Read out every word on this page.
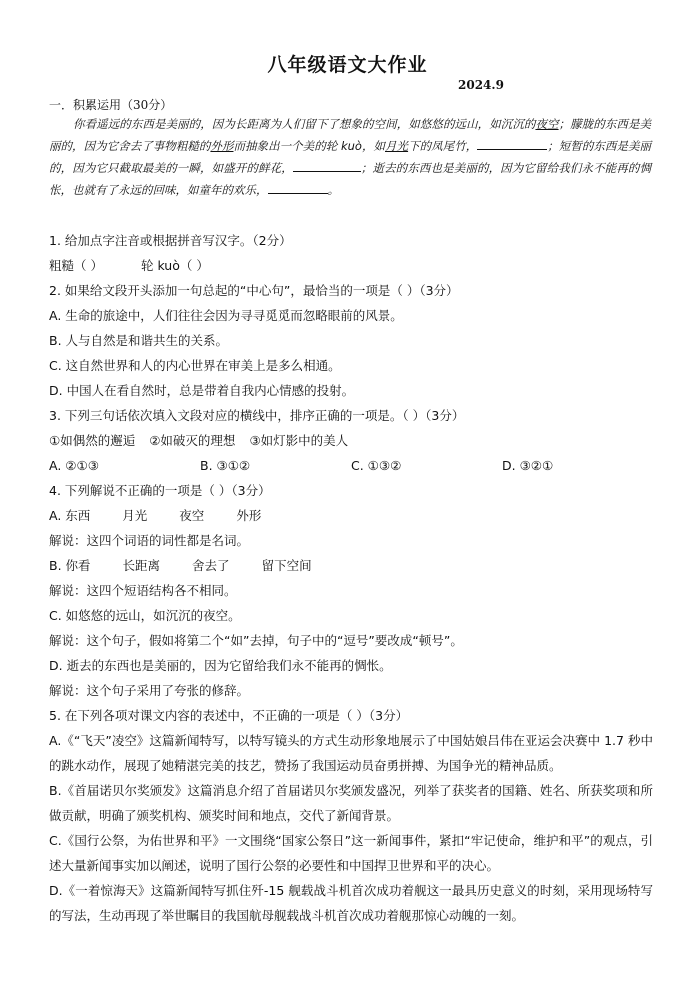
八年级语文大作业
2024.9
一．积累运用（30分）
你看遥远的东西是美丽的，因为长距离为人们留下了想象的空间，如悠悠的远山，如沉沉的夜空；朦胧的东西是美丽的，因为它舍去了事物粗糙的外形而抽象出一个美的轮 kuò，如月光下的凤尾竹，	；短暂的东西是美丽的，因为它只截取最美的一瞬，如盛开的鲜花，	；逝去的东西也是美丽的，因为它留给我们永不能再的惆怅，也就有了永远的回味，如童年的欢乐，	。

1. 给加点字注音或根据拼音写汉字。（2分）

粗糙（ ）	轮 kuò（ ）

2. 如果给文段开头添加一句总起的“中心句”，最恰当的一项是（ ）（3分）

A. 生命的旅途中，人们往往会因为寻寻觅觅而忽略眼前的风景。

B. 人与自然是和谐共生的关系。

C. 这自然世界和人的内心世界在审美上是多么相通。

D. 中国人在看自然时，总是带着自我内心情感的投射。

3. 下列三句话依次填入文段对应的横线中，排序正确的一项是。（ ）（3分）

①如偶然的邂逅 ②如破灭的理想 ③如灯影中的美人
A. ②①③	B. ③①②	C. ①③②	D. ③②①

4. 下列解说不正确的一项是（ ）（3分）

A. 东西	月光	夜空	外形

解说：这四个词语的词性都是名词。

B. 你看	长距离	舍去了	留下空间

解说：这四个短语结构各不相同。

C. 如悠悠的远山，如沉沉的夜空。

解说：这个句子，假如将第二个“如”去掉，句子中的“逗号”要改成“顿号”。

D. 逝去的东西也是美丽的，因为它留给我们永不能再的惆怅。

解说：这个句子采用了夸张的修辞。

5. 在下列各项对课文内容的表述中，不正确的一项是（ ）（3分）

A.《“飞天”凌空》这篇新闻特写，以特写镜头的方式生动形象地展示了中国姑娘吕伟在亚运会决赛中 1.7 秒中的跳水动作，展现了她精湛完美的技艺，赞扬了我国运动员奋勇拼搏、为国争光的精神品质。

B.《首届诺贝尔奖颁发》这篇消息介绍了首届诺贝尔奖颁发盛况，列举了获奖者的国籍、姓名、所获奖项和所做贡献，明确了颁奖机构、颁奖时间和地点，交代了新闻背景。

C.《国行公祭，为佑世界和平》一文围绕“国家公祭日”这一新闻事件，紧扣“牢记使命，维护和平”的观点，引述大量新闻事实加以阐述，说明了国行公祭的必要性和中国捍卫世界和平的决心。

D.《一着惊海天》这篇新闻特写抓住歼-15 舰载战斗机首次成功着舰这一最具历史意义的时刻，采用现场特写的写法，生动再现了举世瞩目的我国航母舰载战斗机首次成功着舰那惊心动魄的一刻。
